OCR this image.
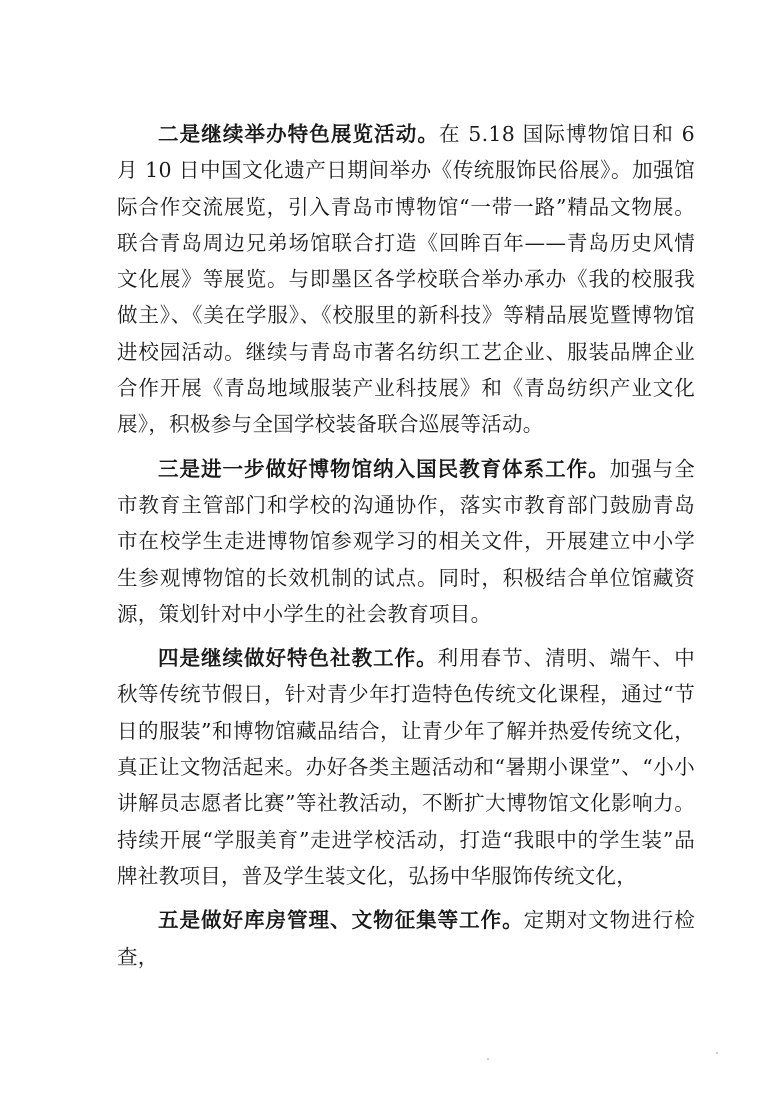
二是继续举办特色展览活动。在 5.18 国际博物馆日和 6 月 10 日中国文化遗产日期间举办《传统服饰民俗展》。加强馆际合作交流展览，引入青岛市博物馆“一带一路”精品文物展。联合青岛周边兄弟场馆联合打造《回眸百年——青岛历史风情文化展》等展览。与即墨区各学校联合举办承办《我的校服我做主》、《美在学服》、《校服里的新科技》等精品展览暨博物馆进校园活动。继续与青岛市著名纺织工艺企业、服装品牌企业合作开展《青岛地域服装产业科技展》和《青岛纺织产业文化展》，积极参与全国学校装备联合巡展等活动。

三是进一步做好博物馆纳入国民教育体系工作。加强与全市教育主管部门和学校的沟通协作，落实市教育部门鼓励青岛市在校学生走进博物馆参观学习的相关文件，开展建立中小学生参观博物馆的长效机制的试点。同时，积极结合单位馆藏资源，策划针对中小学生的社会教育项目。

四是继续做好特色社教工作。利用春节、清明、端午、中秋等传统节假日，针对青少年打造特色传统文化课程，通过“节日的服装”和博物馆藏品结合，让青少年了解并热爱传统文化，真正让文物活起来。办好各类主题活动和“暑期小课堂”、“小小讲解员志愿者比赛”等社教活动，不断扩大博物馆文化影响力。持续开展“学服美育”走进学校活动，打造“我眼中的学生装”品牌社教项目，普及学生装文化，弘扬中华服饰传统文化，

五是做好库房管理、文物征集等工作。定期对文物进行检查，
